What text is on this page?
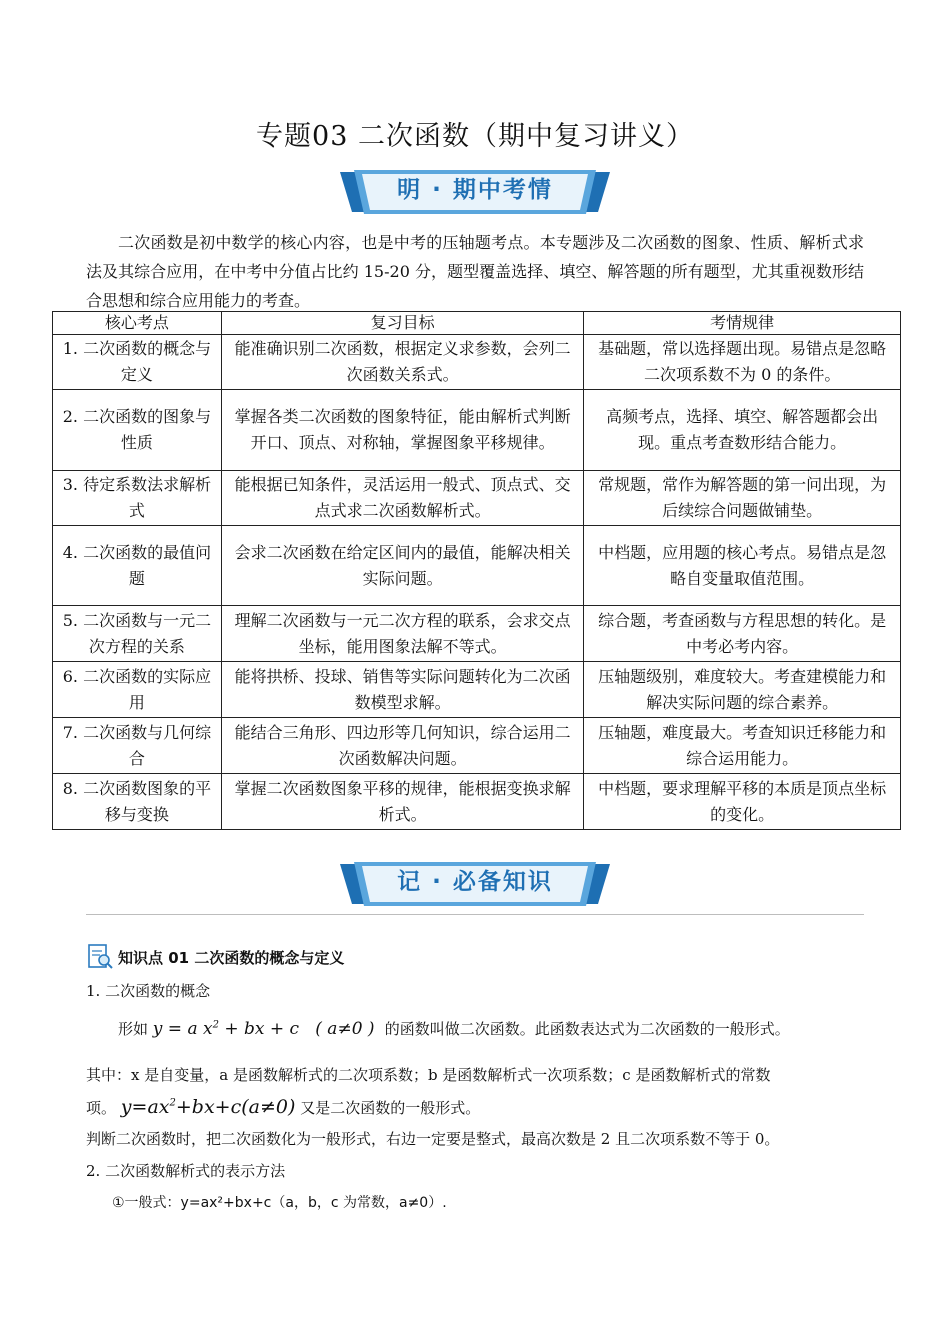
专题03 二次函数（期中复习讲义）
明 · 期中考情
二次函数是初中数学的核心内容，也是中考的压轴题考点。本专题涉及二次函数的图象、性质、解析式求法及其综合应用，在中考中分值占比约 15-20 分，题型覆盖选择、填空、解答题的所有题型，尤其重视数形结合思想和综合应用能力的考查。
核心考点	复习目标	考情规律
1. 二次函数的概念与定义	能准确识别二次函数，根据定义求参数，会列二次函数关系式。	基础题，常以选择题出现。易错点是忽略二次项系数不为 0 的条件。
2. 二次函数的图象与性质	掌握各类二次函数的图象特征，能由解析式判断开口、顶点、对称轴，掌握图象平移规律。	高频考点，选择、填空、解答题都会出现。重点考查数形结合能力。
3. 待定系数法求解析式	能根据已知条件，灵活运用一般式、顶点式、交点式求二次函数解析式。	常规题，常作为解答题的第一问出现，为后续综合问题做铺垫。
4. 二次函数的最值问题	会求二次函数在给定区间内的最值，能解决相关实际问题。	中档题，应用题的核心考点。易错点是忽略自变量取值范围。
5. 二次函数与一元二次方程的关系	理解二次函数与一元二次方程的联系，会求交点坐标，能用图象法解不等式。	综合题，考查函数与方程思想的转化。是中考必考内容。
6. 二次函数的实际应用	能将拱桥、投球、销售等实际问题转化为二次函数模型求解。	压轴题级别，难度较大。考查建模能力和解决实际问题的综合素养。
7. 二次函数与几何综合	能结合三角形、四边形等几何知识，综合运用二次函数解决问题。	压轴题，难度最大。考查知识迁移能力和综合运用能力。
8. 二次函数图象的平移与变换	掌握二次函数图象平移的规律，能根据变换求解析式。	中档题，要求理解平移的本质是顶点坐标的变化。
记 · 必备知识
知识点 01 二次函数的概念与定义
1. 二次函数的概念
形如 y = a $x^2$ + bx + c   ( a≠0 )  的函数叫做二次函数。此函数表达式为二次函数的一般形式。
其中：x 是自变量，a 是函数解析式的二次项系数；b 是函数解析式一次项系数；c 是函数解析式的常数
项。 $y=ax^2+bx+c(a\ne 0)$ 又是二次函数的一般形式。
判断二次函数时，把二次函数化为一般形式，右边一定要是整式，最高次数是 2 且二次项系数不等于 0。
2. 二次函数解析式的表示方法
①一般式：y=ax²+bx+c（a，b，c 为常数，a≠0）.
